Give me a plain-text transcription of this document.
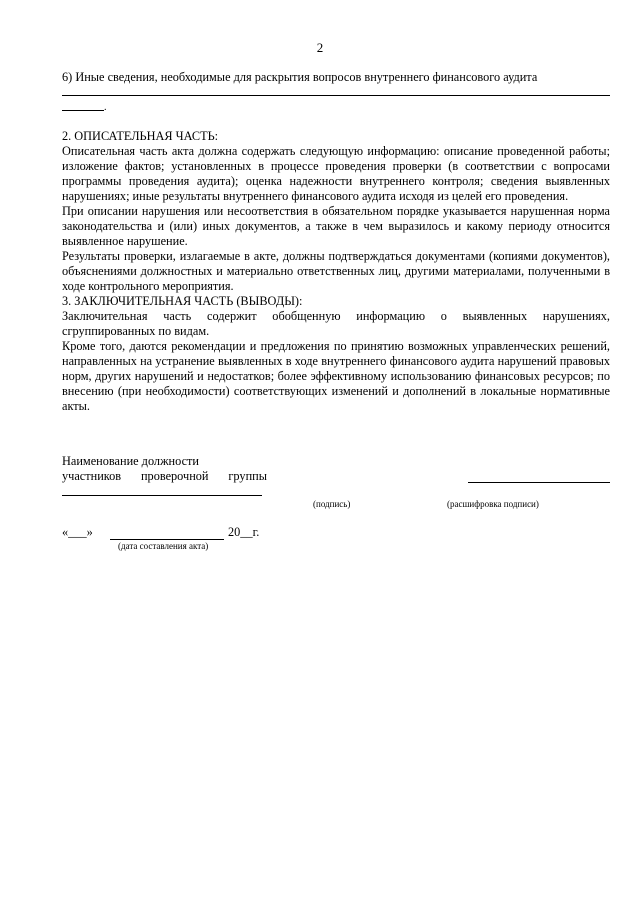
2
6) Иные сведения, необходимые для раскрытия вопросов внутреннего финансового аудита
.

2. ОПИСАТЕЛЬНАЯ ЧАСТЬ:

Описательная часть акта должна содержать следующую информацию: описание проведенной работы; изложение фактов; установленных в процессе проведения проверки (в соответствии с вопросами программы проведения аудита); оценка надежности внутреннего контроля; сведения выявленных нарушениях; иные результаты внутреннего финансового аудита исходя из целей его проведения.

При описании нарушения или несоответствия в обязательном порядке указывается нарушенная норма законодательства и (или) иных документов, а также в чем выразилось и какому периоду относится выявленное нарушение.

Результаты проверки, излагаемые в акте, должны подтверждаться документами (копиями документов), объяснениями должностных и материально ответственных лиц, другими материалами, полученными в ходе контрольного мероприятия.

3. ЗАКЛЮЧИТЕЛЬНАЯ ЧАСТЬ (ВЫВОДЫ):

Заключительная часть содержит обобщенную информацию о выявленных нарушениях, сгруппированных по видам.

Кроме того, даются рекомендации и предложения по принятию возможных управленческих решений, направленных на устранение выявленных в ходе внутреннего финансового аудита нарушений правовых норм, других нарушений и недостатков; более эффективному использованию финансовых ресурсов; по внесению (при необходимости) соответствующих изменений и дополнений в локальные нормативные акты.

Наименование должности
участников проверочной группы
(подпись)	(расшифровка подписи)
«___»	20__г.
(дата составления акта)
